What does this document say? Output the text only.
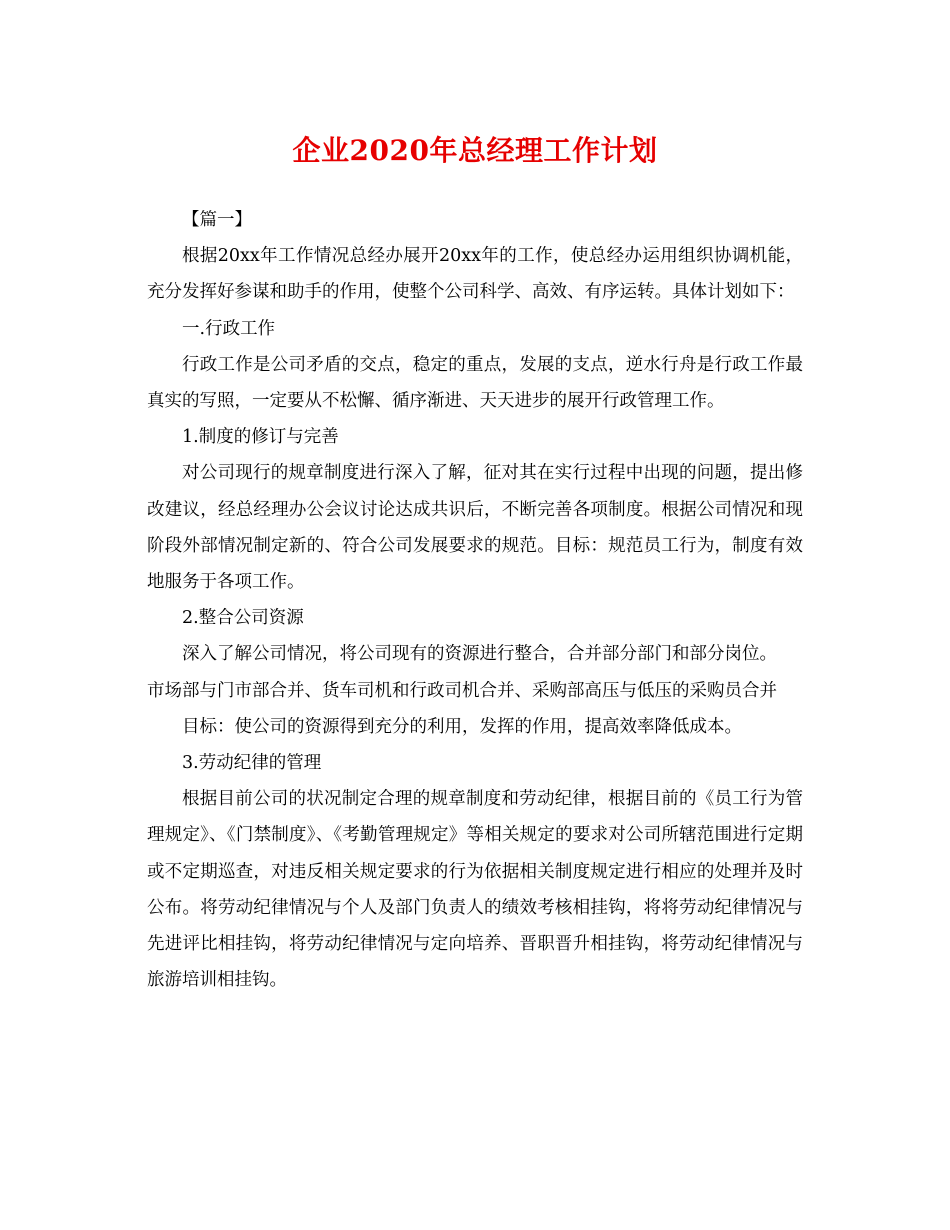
企业2020年总经理工作计划

【篇一】

根据20xx年工作情况总经办展开20xx年的工作，使总经办运用组织协调机能，充分发挥好参谋和助手的作用，使整个公司科学、高效、有序运转。具体计划如下：

一.行政工作

行政工作是公司矛盾的交点，稳定的重点，发展的支点，逆水行舟是行政工作最真实的写照，一定要从不松懈、循序渐进、天天进步的展开行政管理工作。

1.制度的修订与完善

对公司现行的规章制度进行深入了解，征对其在实行过程中出现的问题，提出修改建议，经总经理办公会议讨论达成共识后，不断完善各项制度。根据公司情况和现阶段外部情况制定新的、符合公司发展要求的规范。目标：规范员工行为，制度有效地服务于各项工作。

2.整合公司资源

深入了解公司情况，将公司现有的资源进行整合，合并部分部门和部分岗位。

市场部与门市部合并、货车司机和行政司机合并、采购部高压与低压的采购员合并

目标：使公司的资源得到充分的利用，发挥的作用，提高效率降低成本。

3.劳动纪律的管理

根据目前公司的状况制定合理的规章制度和劳动纪律，根据目前的《员工行为管理规定》、《门禁制度》、《考勤管理规定》等相关规定的要求对公司所辖范围进行定期或不定期巡查，对违反相关规定要求的行为依据相关制度规定进行相应的处理并及时公布。将劳动纪律情况与个人及部门负责人的绩效考核相挂钩，将将劳动纪律情况与先进评比相挂钩，将劳动纪律情况与定向培养、晋职晋升相挂钩，将劳动纪律情况与旅游培训相挂钩。
